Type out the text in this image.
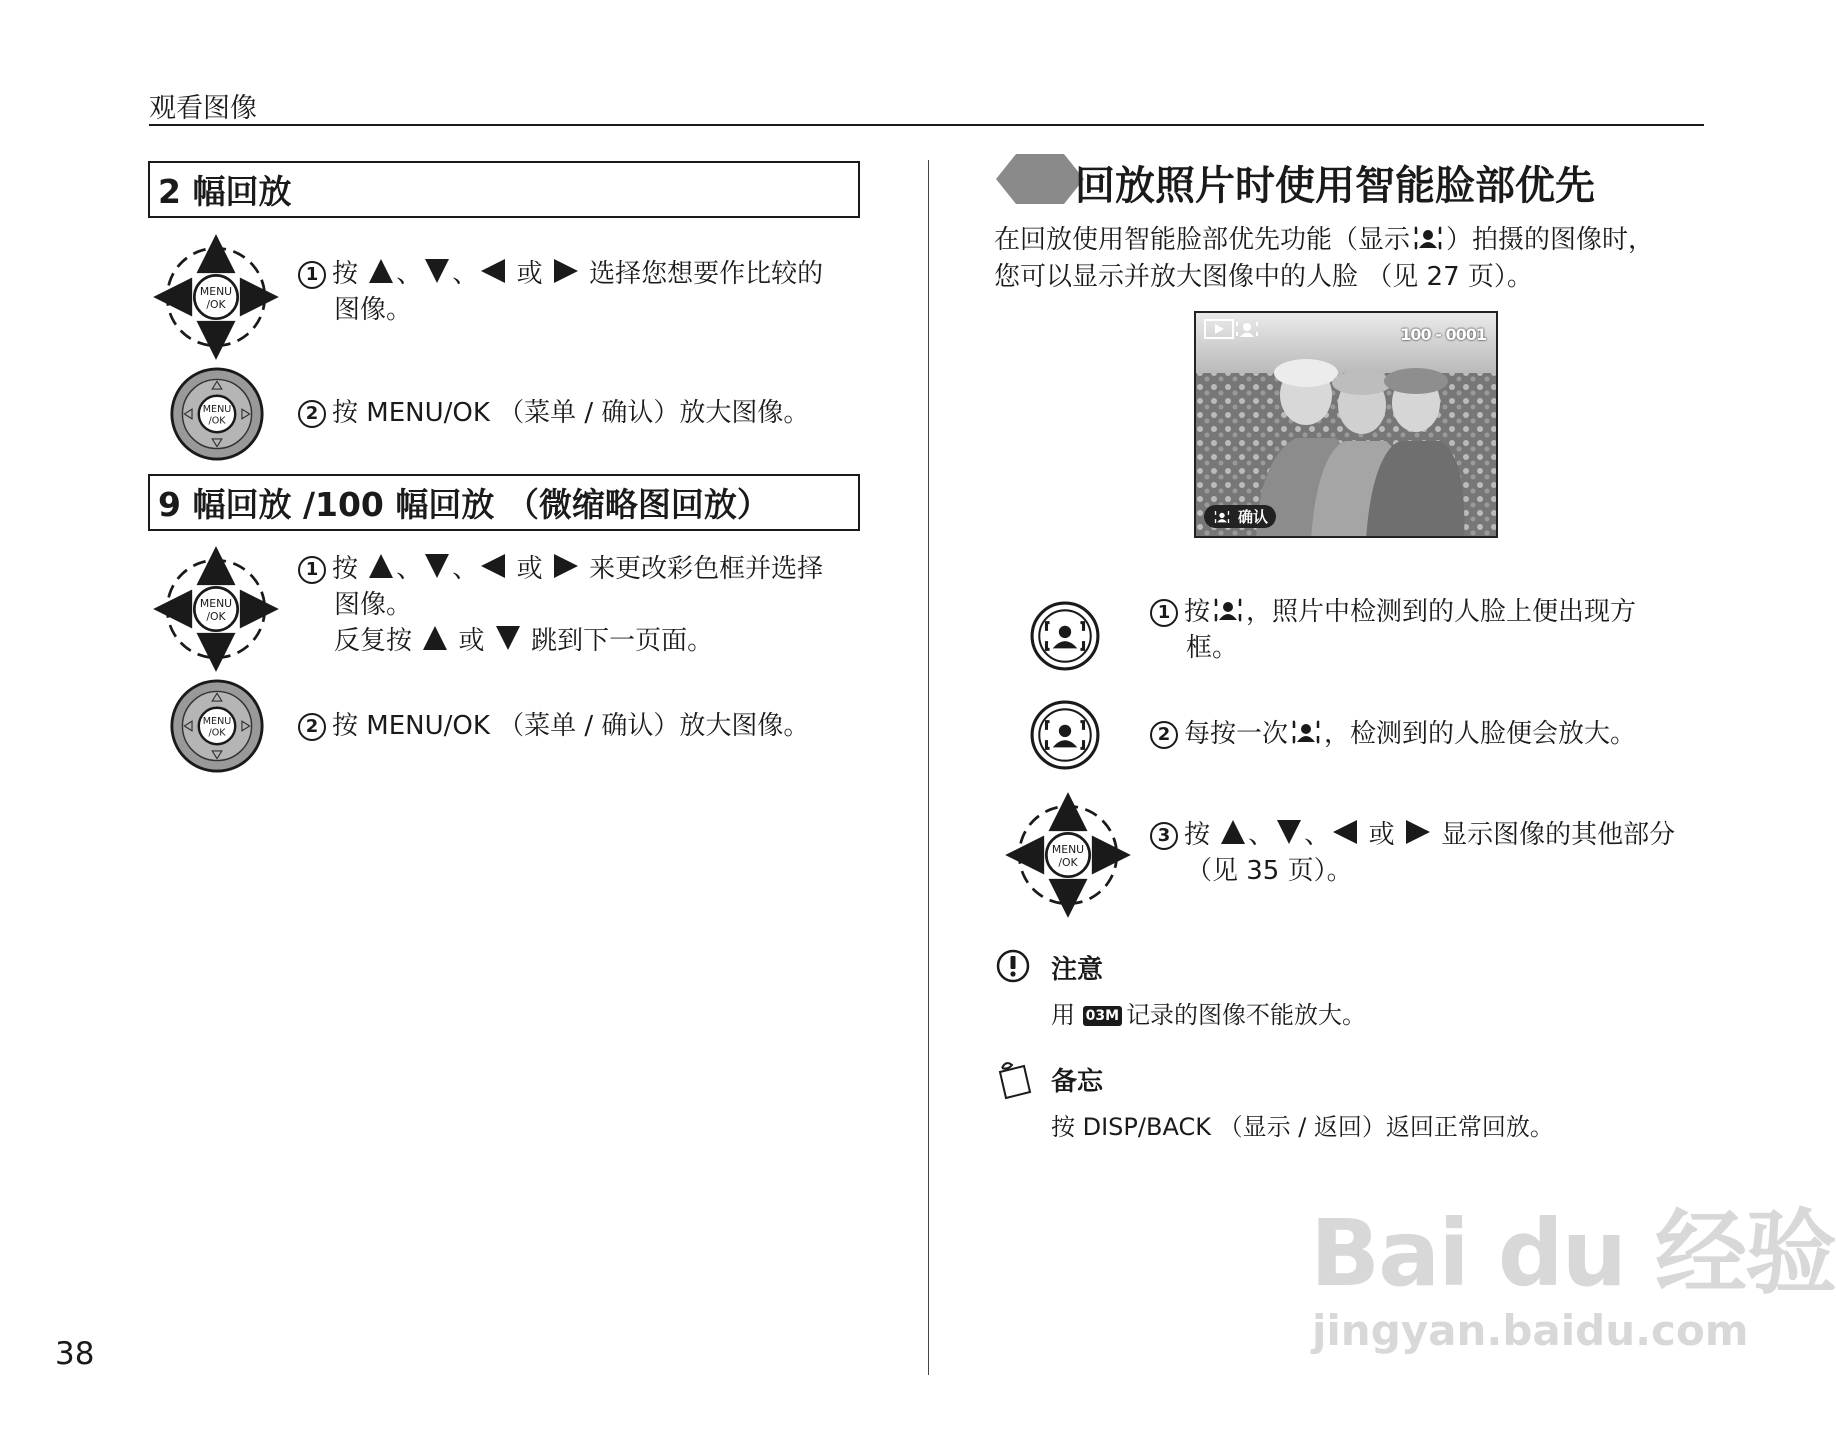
观看图像
2 幅回放
1 按 、 、 或 选择您想要作比较的
图像。
2 按 MENU/OK （菜单 / 确认）放大图像。
9 幅回放 /100 幅回放 （微缩略图回放）
1 按 、 、 或 来更改彩色框并选择
图像。
反复按 或 跳到下一页面。
2 按 MENU/OK （菜单 / 确认）放大图像。
回放照片时使用智能脸部优先
在回放使用智能脸部优先功能（显示 ）拍摄的图像时，
您可以显示并放大图像中的人脸 （见 27 页）。
100 - 0001
确认
1 按 ，照片中检测到的人脸上便出现方
框。
2 每按一次 ，检测到的人脸便会放大。
3 按 、 、 或 显示图像的其他部分
（见 35 页）。
注意
用 03M 记录的图像不能放大。
备忘
按 DISP/BACK （显示 / 返回）返回正常回放。
Bai du 经验
jingyan.baidu.com
38
